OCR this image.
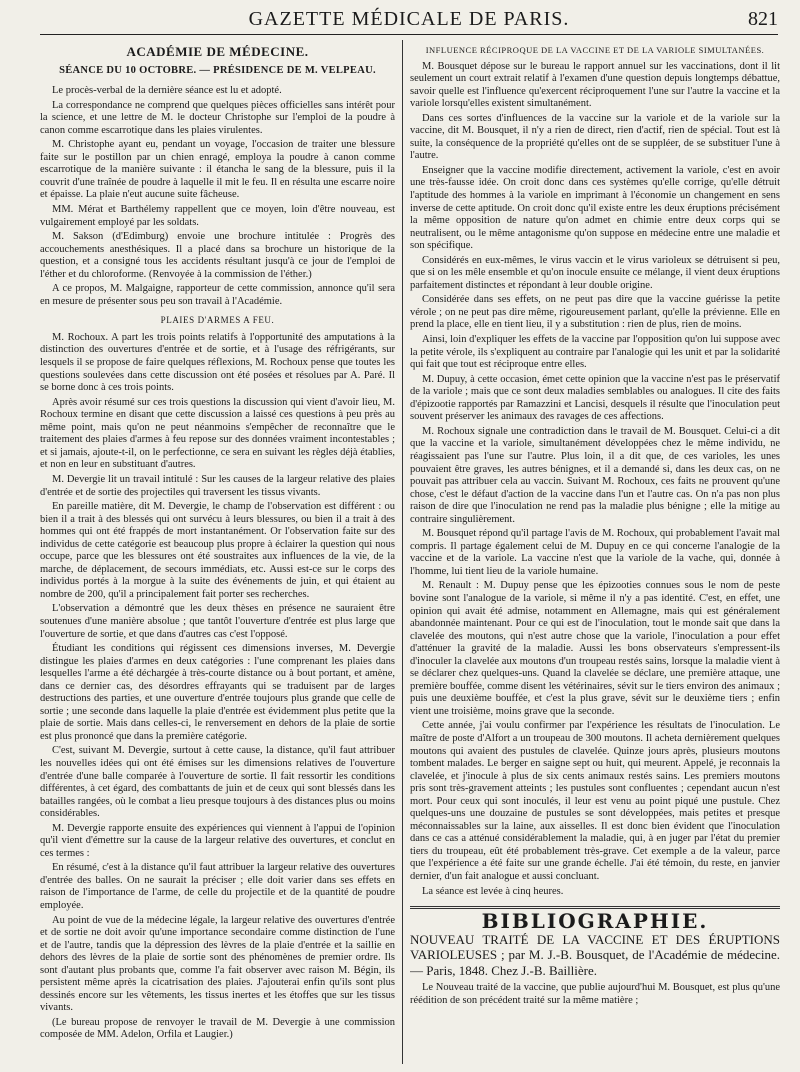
GAZETTE MÉDICALE DE PARIS.	821
ACADÉMIE DE MÉDECINE.
SÉANCE DU 10 OCTOBRE. — PRÉSIDENCE DE M. VELPEAU.

Le procès-verbal de la dernière séance est lu et adopté.

La correspondance ne comprend que quelques pièces officielles sans intérêt pour la science, et une lettre de M. le docteur Christophe sur l'emploi de la poudre à canon comme escarrotique dans les plaies virulentes.

M. Christophe ayant eu, pendant un voyage, l'occasion de traiter une blessure faite sur le postillon par un chien enragé, employa la poudre à canon comme escarrotique de la manière suivante : il étancha le sang de la blessure, puis il la couvrit d'une traînée de poudre à laquelle il mit le feu. Il en résulta une escarre noire et épaisse. La plaie n'eut aucune suite fâcheuse.

MM. Mérat et Barthélemy rappellent que ce moyen, loin d'être nouveau, est vulgairement employé par les soldats.

M. Sakson (d'Edimburg) envoie une brochure intitulée : Progrès des accouchements anesthésiques. Il a placé dans sa brochure un historique de la question, et a consigné tous les accidents résultant jusqu'à ce jour de l'emploi de l'éther et du chloroforme. (Renvoyée à la commission de l'éther.)

A ce propos, M. Malgaigne, rapporteur de cette commission, annonce qu'il sera en mesure de présenter sous peu son travail à l'Académie.

PLAIES D'ARMES A FEU.

M. Rochoux. A part les trois points relatifs à l'opportunité des amputations à la distinction des ouvertures d'entrée et de sortie, et à l'usage des réfrigérants, sur lesquels il se propose de faire quelques réflexions, M. Rochoux pense que toutes les questions soulevées dans cette discussion ont été posées et résolues par A. Paré. Il se borne donc à ces trois points.

Après avoir résumé sur ces trois questions la discussion qui vient d'avoir lieu, M. Rochoux termine en disant que cette discussion a laissé ces questions à peu près au même point, mais qu'on ne peut néanmoins s'empêcher de reconnaître que le traitement des plaies d'armes à feu repose sur des données vraiment incontestables ; et si jamais, ajoute-t-il, on le perfectionne, ce sera en suivant les règles déjà établies, et non en leur en substituant d'autres.

M. Devergie lit un travail intitulé : Sur les causes de la largeur relative des plaies d'entrée et de sortie des projectiles qui traversent les tissus vivants.

En pareille matière, dit M. Devergie, le champ de l'observation est différent : ou bien il a trait à des blessés qui ont survécu à leurs blessures, ou bien il a trait à des hommes qui ont été frappés de mort instantanément. Or l'observation faite sur des individus de cette catégorie est beaucoup plus propre à éclairer la question qui nous occupe, parce que les blessures ont été soustraites aux influences de la vie, de la marche, de déplacement, de secours immédiats, etc. Aussi est-ce sur le corps des individus portés à la morgue à la suite des événements de juin, et qui étaient au nombre de 200, qu'il a principalement fait porter ses recherches.

L'observation a démontré que les deux thèses en présence ne sauraient être soutenues d'une manière absolue ; que tantôt l'ouverture d'entrée est plus large que l'ouverture de sortie, et que dans d'autres cas c'est l'opposé.

Étudiant les conditions qui régissent ces dimensions inverses, M. Devergie distingue les plaies d'armes en deux catégories : l'une comprenant les plaies dans lesquelles l'arme a été déchargée à très-courte distance ou à bout portant, et amène, dans ce dernier cas, des désordres effrayants qui se traduisent par de larges destructions des parties, et une ouverture d'entrée toujours plus grande que celle de sortie ; une seconde dans laquelle la plaie d'entrée est évidemment plus petite que la plaie de sortie. Mais dans celles-ci, le renversement en dehors de la plaie de sortie est plus prononcé que dans la première catégorie.

C'est, suivant M. Devergie, surtout à cette cause, la distance, qu'il faut attribuer les nouvelles idées qui ont été émises sur les dimensions relatives de l'ouverture d'entrée d'une balle comparée à l'ouverture de sortie. Il fait ressortir les conditions différentes, à cet égard, des combattants de juin et de ceux qui sont blessés dans les batailles rangées, où le combat a lieu presque toujours à des distances plus ou moins considérables.

M. Devergie rapporte ensuite des expériences qui viennent à l'appui de l'opinion qu'il vient d'émettre sur la cause de la largeur relative des ouvertures, et conclut en ces termes :

En résumé, c'est à la distance qu'il faut attribuer la largeur relative des ouvertures d'entrée des balles. On ne saurait la préciser ; elle doit varier dans ses effets en raison de l'importance de l'arme, de celle du projectile et de la quantité de poudre employée.

Au point de vue de la médecine légale, la largeur relative des ouvertures d'entrée et de sortie ne doit avoir qu'une importance secondaire comme distinction de l'une et de l'autre, tandis que la dépression des lèvres de la plaie d'entrée et la saillie en dehors des lèvres de la plaie de sortie sont des phénomènes de premier ordre. Ils sont d'autant plus probants que, comme l'a fait observer avec raison M. Bégin, ils persistent même après la cicatrisation des plaies. J'ajouterai enfin qu'ils sont plus dessinés encore sur les vêtements, les tissus inertes et les étoffes que sur les tissus vivants.

(Le bureau propose de renvoyer le travail de M. Devergie à une commission composée de MM. Adelon, Orfila et Laugier.)

INFLUENCE RÉCIPROQUE DE LA VACCINE ET DE LA VARIOLE SIMULTANÉES.

M. Bousquet dépose sur le bureau le rapport annuel sur les vaccinations, dont il lit seulement un court extrait relatif à l'examen d'une question depuis longtemps débattue, savoir quelle est l'influence qu'exercent réciproquement l'une sur l'autre la vaccine et la variole lorsqu'elles existent simultanément.

Dans ces sortes d'influences de la vaccine sur la variole et de la variole sur la vaccine, dit M. Bousquet, il n'y a rien de direct, rien d'actif, rien de spécial. Tout est là suite, la conséquence de la propriété qu'elles ont de se suppléer, de se substituer l'une à l'autre.

Enseigner que la vaccine modifie directement, activement la variole, c'est en avoir une très-fausse idée. On croit donc dans ces systèmes qu'elle corrige, qu'elle détruit l'aptitude des hommes à la variole en imprimant à l'économie un changement en sens inverse de cette aptitude. On croit donc qu'il existe entre les deux éruptions précisément la même opposition de nature qu'on admet en chimie entre deux corps qui se neutralisent, ou le même antagonisme qu'on suppose en médecine entre une maladie et son spécifique.

Considérés en eux-mêmes, le virus vaccin et le virus varioleux se détruisent si peu, que si on les mêle ensemble et qu'on inocule ensuite ce mélange, il vient deux éruptions parfaitement distinctes et répondant à leur double origine.

Considérée dans ses effets, on ne peut pas dire que la vaccine guérisse la petite vérole ; on ne peut pas dire même, rigoureusement parlant, qu'elle la prévienne. Elle en prend la place, elle en tient lieu, il y a substitution : rien de plus, rien de moins.

Ainsi, loin d'expliquer les effets de la vaccine par l'opposition qu'on lui suppose avec la petite vérole, ils s'expliquent au contraire par l'analogie qui les unit et par la solidarité qui fait que tout est réciproque entre elles.

M. Dupuy, à cette occasion, émet cette opinion que la vaccine n'est pas le préservatif de la variole ; mais que ce sont deux maladies semblables ou analogues. Il cite des faits d'épizootie rapportés par Ramazzini et Lancisi, desquels il résulte que l'inoculation peut souvent préserver les animaux des ravages de ces affections.

M. Rochoux signale une contradiction dans le travail de M. Bousquet. Celui-ci a dit que la vaccine et la variole, simultanément développées chez le même individu, ne réagissaient pas l'une sur l'autre. Plus loin, il a dit que, de ces varioles, les unes pouvaient être graves, les autres bénignes, et il a demandé si, dans les deux cas, on ne pouvait pas attribuer cela au vaccin. Suivant M. Rochoux, ces faits ne prouvent qu'une chose, c'est le défaut d'action de la vaccine dans l'un et l'autre cas. On n'a pas non plus raison de dire que l'inoculation ne rend pas la maladie plus bénigne ; elle la mitige au contraire singulièrement.

M. Bousquet répond qu'il partage l'avis de M. Rochoux, qui probablement l'avait mal compris. Il partage également celui de M. Dupuy en ce qui concerne l'analogie de la vaccine et de la variole. La vaccine n'est que la variole de la vache, qui, donnée à l'homme, lui tient lieu de la variole humaine.

M. Renault : M. Dupuy pense que les épizooties connues sous le nom de peste bovine sont l'analogue de la variole, si même il n'y a pas identité. C'est, en effet, une opinion qui avait été admise, notamment en Allemagne, mais qui est généralement abandonnée maintenant. Pour ce qui est de l'inoculation, tout le monde sait que dans la clavelée des moutons, qui n'est autre chose que la variole, l'inoculation a pour effet d'atténuer la gravité de la maladie. Aussi les bons observateurs s'empressent-ils d'inoculer la clavelée aux moutons d'un troupeau restés sains, lorsque la maladie vient à se déclarer chez quelques-uns. Quand la clavelée se déclare, une première attaque, une première bouffée, comme disent les vétérinaires, sévit sur le tiers environ des animaux ; puis une deuxième bouffée, et c'est la plus grave, sévit sur le deuxième tiers ; enfin vient une troisième, moins grave que la seconde.

Cette année, j'ai voulu confirmer par l'expérience les résultats de l'inoculation. Le maître de poste d'Alfort a un troupeau de 300 moutons. Il acheta dernièrement quelques moutons qui avaient des pustules de clavelée. Quinze jours après, plusieurs moutons tombent malades. Le berger en saigne sept ou huit, qui meurent. Appelé, je reconnais la clavelée, et j'inocule à plus de six cents animaux restés sains. Les premiers moutons pris sont très-gravement atteints ; les pustules sont confluentes ; cependant aucun n'est mort. Pour ceux qui sont inoculés, il leur est venu au point piqué une pustule. Chez quelques-uns une douzaine de pustules se sont développées, mais petites et presque méconnaissables sur la laine, aux aisselles. Il est donc bien évident que l'inoculation dans ce cas a atténué considérablement la maladie, qui, à en juger par l'état du premier tiers du troupeau, eût été probablement très-grave. Cet exemple a de la valeur, parce que l'expérience a été faite sur une grande échelle. J'ai été témoin, du reste, en janvier dernier, d'un fait analogue et aussi concluant.

La séance est levée à cinq heures.

BIBLIOGRAPHIE.
NOUVEAU TRAITÉ DE LA VACCINE ET DES ÉRUPTIONS VARIOLEUSES ; par M. J.-B. Bousquet, de l'Académie de médecine. — Paris, 1848. Chez J.-B. Baillière.

Le Nouveau traité de la vaccine, que publie aujourd'hui M. Bousquet, est plus qu'une réédition de son précédent traité sur la même matière ;
